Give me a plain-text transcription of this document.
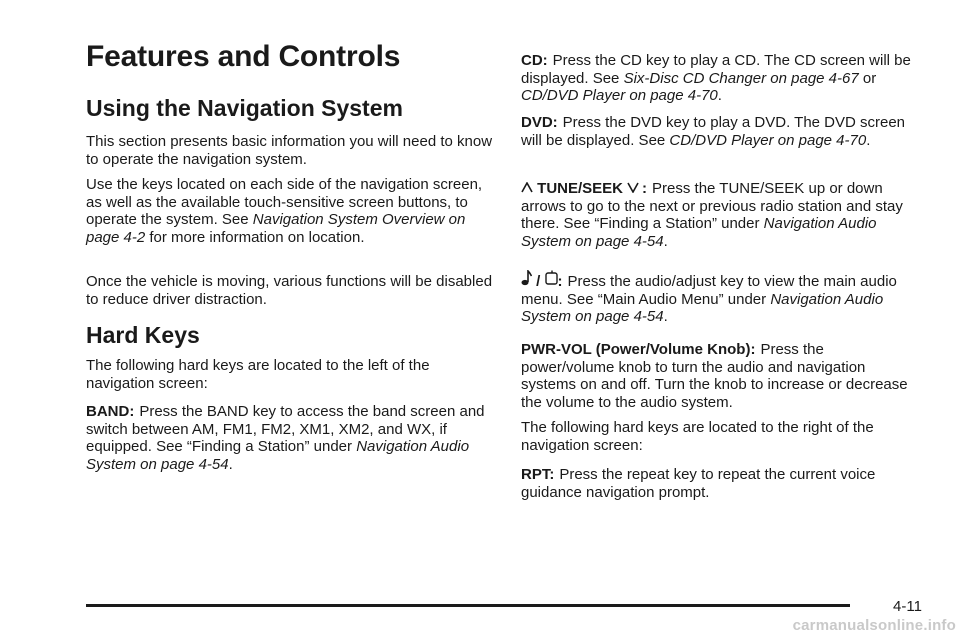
Features and Controls
Using the Navigation System

This section presents basic information you will need to know to operate the navigation system.

Use the keys located on each side of the navigation screen, as well as the available touch-sensitive screen buttons, to operate the system. See Navigation System Overview on page 4-2 for more information on location.

Once the vehicle is moving, various functions will be disabled to reduce driver distraction.

Hard Keys

The following hard keys are located to the left of the navigation screen:

BAND: Press the BAND key to access the band screen and switch between AM, FM1, FM2, XM1, XM2, and WX, if equipped. See “Finding a Station” under Navigation Audio System on page 4-54.

CD: Press the CD key to play a CD. The CD screen will be displayed. See Six-Disc CD Changer on page 4-67 or CD/DVD Player on page 4-70.

DVD: Press the DVD key to play a DVD. The DVD screen will be displayed. See CD/DVD Player on page 4-70.

TUNE/SEEK : Press the TUNE/SEEK up or down arrows to go to the next or previous radio station and stay there. See “Finding a Station” under Navigation Audio System on page 4-54.

/ : Press the audio/adjust key to view the main audio menu. See “Main Audio Menu” under Navigation Audio System on page 4-54.

PWR-VOL (Power/Volume Knob): Press the power/volume knob to turn the audio and navigation systems on and off. Turn the knob to increase or decrease the volume to the audio system.

The following hard keys are located to the right of the navigation screen:

RPT: Press the repeat key to repeat the current voice guidance navigation prompt.

4-11
carmanualsonline.info
